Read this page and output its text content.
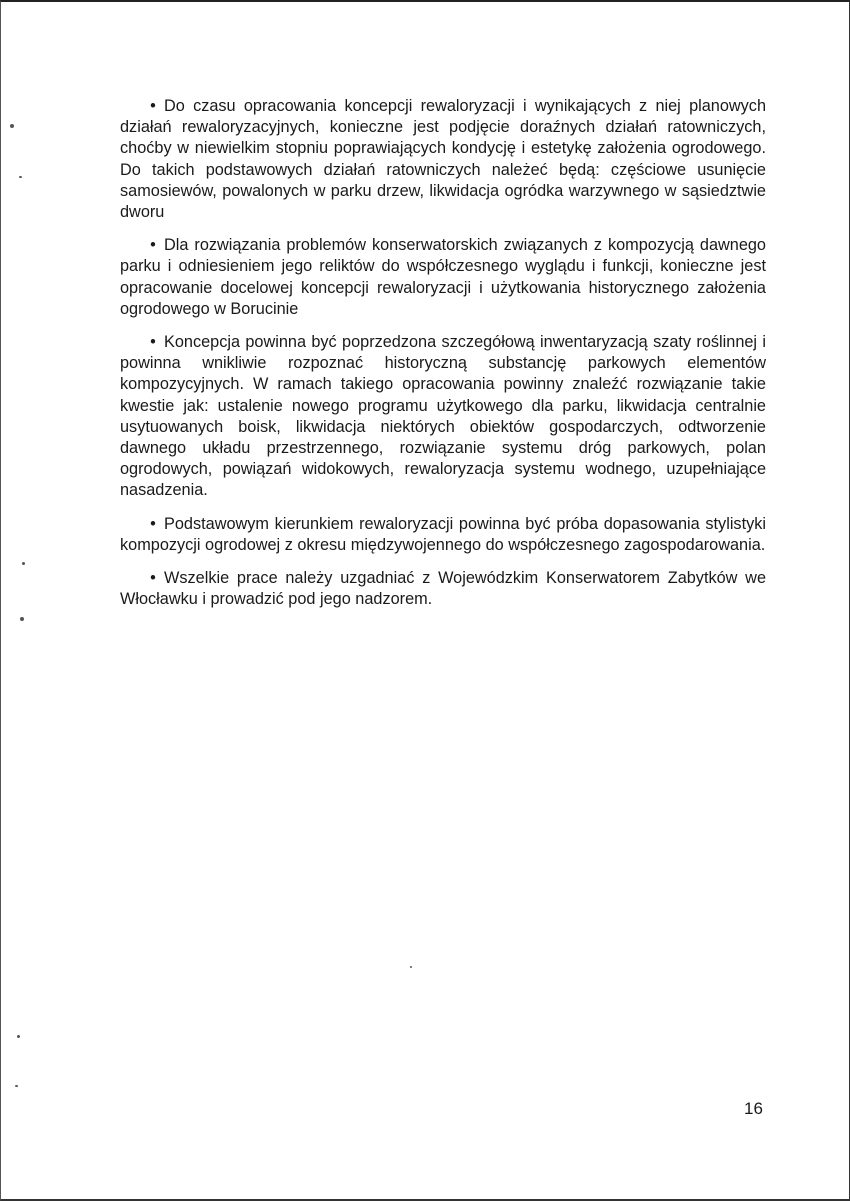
• Do czasu opracowania koncepcji rewaloryzacji i wynikających z niej planowych działań rewaloryzacyjnych, konieczne jest podjęcie doraźnych działań ratowniczych, choćby w niewielkim stopniu poprawiających kondycję i estetykę założenia ogrodowego. Do takich podstawowych działań ratowniczych należeć będą: częściowe usunięcie samosiewów, powalonych w parku drzew, likwidacja ogródka warzywnego w sąsiedztwie dworu

• Dla rozwiązania problemów konserwatorskich związanych z kompozycją dawnego parku i odniesieniem jego reliktów do współczesnego wyglądu i funkcji, konieczne jest opracowanie docelowej koncepcji rewaloryzacji i użytkowania historycznego założenia ogrodowego w Borucinie

• Koncepcja powinna być poprzedzona szczegółową inwentaryzacją szaty roślinnej i powinna wnikliwie rozpoznać historyczną substancję parkowych elementów kompozycyjnych. W ramach takiego opracowania powinny znaleźć rozwiązanie takie kwestie jak: ustalenie nowego programu użytkowego dla parku, likwidacja centralnie usytuowanych boisk, likwidacja niektórych obiektów gospodarczych, odtworzenie dawnego układu przestrzennego, rozwiązanie systemu dróg parkowych, polan ogrodowych, powiązań widokowych, rewaloryzacja systemu wodnego, uzupełniające nasadzenia.

• Podstawowym kierunkiem rewaloryzacji powinna być próba dopasowania stylistyki kompozycji ogrodowej z okresu międzywojennego do współczesnego zagospodarowania.

• Wszelkie prace należy uzgadniać z Wojewódzkim Konserwatorem Zabytków we Włocławku i prowadzić pod jego nadzorem.

16
